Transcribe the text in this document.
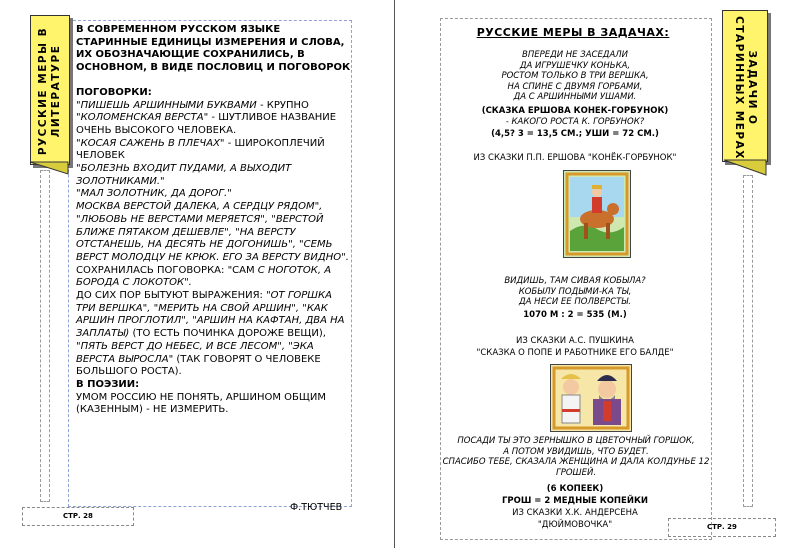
РУССКИЕ МЕРЫ В ЛИТЕРАТУРЕ

В СОВРЕМЕННОМ РУССКОМ ЯЗЫКЕ СТАРИННЫЕ ЕДИНИЦЫ ИЗМЕРЕНИЯ И СЛОВА, ИХ ОБОЗНАЧАЮЩИЕ СОХРАНИЛИСЬ, В ОСНОВНОМ, В ВИДЕ ПОСЛОВИЦ И ПОГОВОРОК

ПОГОВОРКИ:

"ПИШЕШЬ АРШИННЫМИ БУКВАМИ - КРУПНО

"КОЛОМЕНСКАЯ ВЕРСТА" - ШУТЛИВОЕ НАЗВАНИЕ ОЧЕНЬ ВЫСОКОГО ЧЕЛОВЕКА.

"КОСАЯ САЖЕНЬ В ПЛЕЧАХ" - ШИРОКОПЛЕЧИЙ ЧЕЛОВЕК

"БОЛЕЗНЬ ВХОДИТ ПУДАМИ, А ВЫХОДИТ ЗОЛОТНИКАМИ."

"МАЛ ЗОЛОТНИК, ДА ДОРОГ."

МОСКВА ВЕРСТОЙ ДАЛЕКА, А СЕРДЦУ РЯДОМ", "ЛЮБОВЬ НЕ ВЕРСТАМИ МЕРЯЕТСЯ", "ВЕРСТОЙ БЛИЖЕ ПЯТАКОМ ДЕШЕВЛЕ", "НА ВЕРСТУ ОТСТАНЕШЬ, НА ДЕСЯТЬ НЕ ДОГОНИШЬ", "СЕМЬ ВЕРСТ МОЛОДЦУ НЕ КРЮК. ЕГО ЗА ВЕРСТУ ВИДНО".

СОХРАНИЛАСЬ ПОГОВОРКА: "САМ С НОГОТОК, А БОРОДА С ЛОКОТОК".

ДО СИХ ПОР БЫТУЮТ ВЫРАЖЕНИЯ: "ОТ ГОРШКА ТРИ ВЕРШКА", "МЕРИТЬ НА СВОЙ АРШИН", "КАК АРШИН ПРОГЛОТИЛ", "АРШИН НА КАФТАН, ДВА НА ЗАПЛАТЫ) (ТО ЕСТЬ ПОЧИНКА ДОРОЖЕ ВЕЩИ), "ПЯТЬ ВЕРСТ ДО НЕБЕС, И ВСЕ ЛЕСОМ", "ЭКА ВЕРСТА ВЫРОСЛА" (ТАК ГОВОРЯТ О ЧЕЛОВЕКЕ БОЛЬШОГО РОСТА).

В ПОЭЗИИ:

УМОМ РОССИЮ НЕ ПОНЯТЬ, АРШИНОМ ОБЩИМ (КАЗЕННЫМ) - НЕ ИЗМЕРИТЬ.

Ф.ТЮТЧЕВ
СТР. 28
ЗАДАЧИ О
СТАРИННЫХ МЕРАХ
РУССКИЕ МЕРЫ В ЗАДАЧАХ:
ВПЕРЕДИ НЕ ЗАСЕДАЛИ
ДА ИГРУШЕЧКУ КОНЬКА,
РОСТОМ ТОЛЬКО В ТРИ ВЕРШКА,
НА СПИНЕ С ДВУМЯ ГОРБАМИ,
ДА С АРШИННЫМИ УШАМИ.
(СКАЗКА ЕРШОВА КОНЕК-ГОРБУНОК)
- КАКОГО РОСТА К. ГОРБУНОК?
(4,5? 3 = 13,5 СМ.; УШИ = 72 СМ.)
ИЗ СКАЗКИ П.П. ЕРШОВА "КОНЁК-ГОРБУНОК"
ВИДИШЬ, ТАМ СИВАЯ КОБЫЛА?
КОБЫЛУ ПОДЫМИ-КА ТЫ,
ДА НЕСИ ЕЕ ПОЛВЕРСТЫ.
1070 М : 2 = 535 (М.)
ИЗ СКАЗКИ А.С. ПУШКИНА
"СКАЗКА О ПОПЕ И РАБОТНИКЕ ЕГО БАЛДЕ"
ПОСАДИ ТЫ ЭТО ЗЕРНЫШКО В ЦВЕТОЧНЫЙ ГОРШОК,
А ПОТОМ УВИДИШЬ, ЧТО БУДЕТ.
СПАСИБО ТЕБЕ, СКАЗАЛА ЖЕНЩИНА И ДАЛА КОЛДУНЬЕ 12 ГРОШЕЙ.
(6 КОПЕЕК)
ГРОШ = 2 МЕДНЫЕ КОПЕЙКИ
ИЗ СКАЗКИ Х.К. АНДЕРСЕНА
"ДЮЙМОВОЧКА"	СТР. 29
